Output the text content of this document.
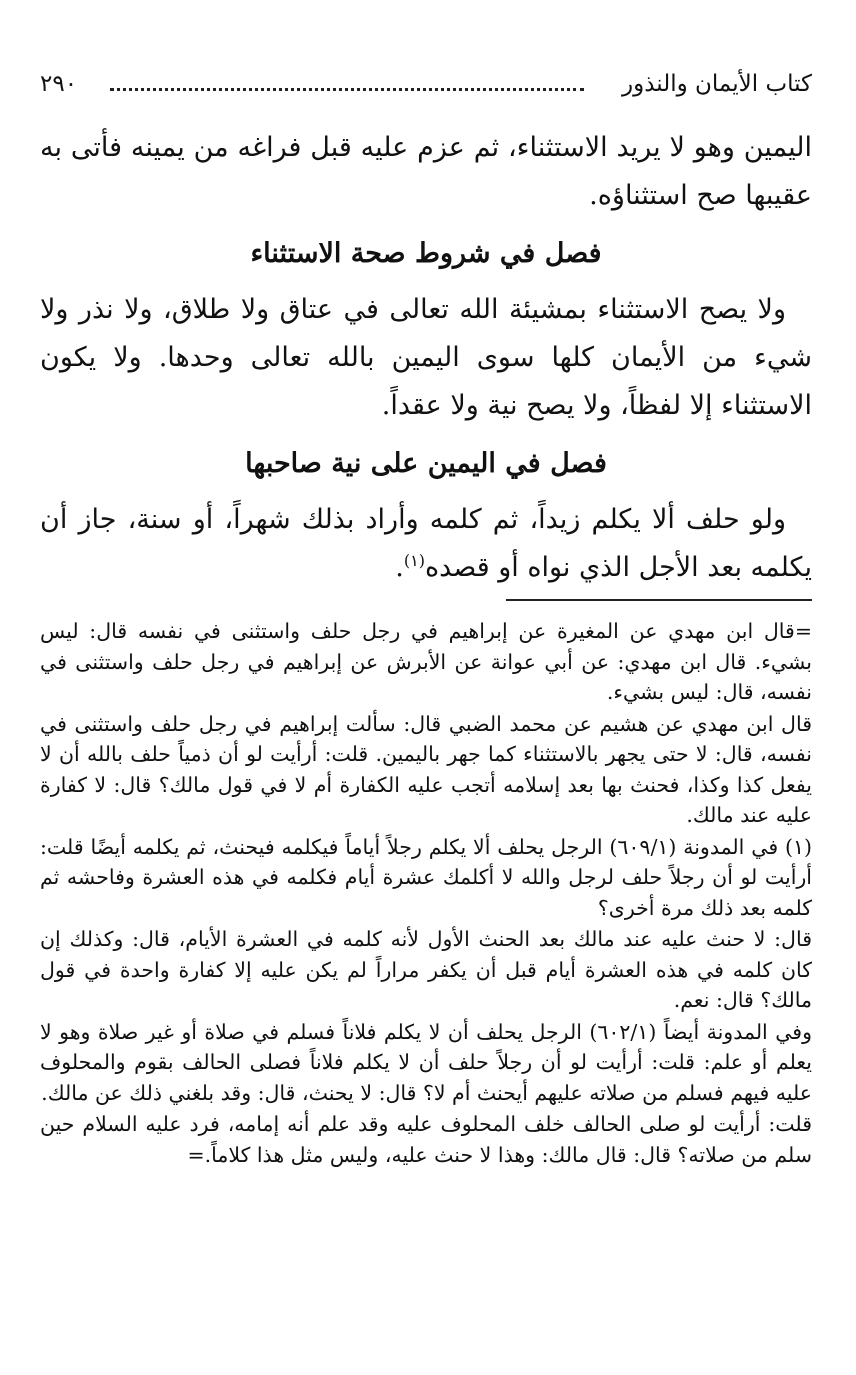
كتاب الأيمان والنذور
٢٩٠

اليمين وهو لا يريد الاستثناء، ثم عزم عليه قبل فراغه من يمينه فأتى به عقيبها صح استثناؤه.

فصل في شروط صحة الاستثناء

ولا يصح الاستثناء بمشيئة الله تعالى في عتاق ولا طلاق، ولا نذر ولا شيء من الأيمان كلها سوى اليمين بالله تعالى وحدها. ولا يكون الاستثناء إلا لفظاً، ولا يصح نية ولا عقداً.

فصل في اليمين على نية صاحبها

ولو حلف ألا يكلم زيداً، ثم كلمه وأراد بذلك شهراً، أو سنة، جاز أن يكلمه بعد الأجل الذي نواه أو قصده$^{(١)}$.

=قال ابن مهدي عن المغيرة عن إبراهيم في رجل حلف واستثنى في نفسه قال: ليس بشيء. قال ابن مهدي: عن أبي عوانة عن الأبرش عن إبراهيم في رجل حلف واستثنى في نفسه، قال: ليس بشيء.

قال ابن مهدي عن هشيم عن محمد الضبي قال: سألت إبراهيم في رجل حلف واستثنى في نفسه، قال: لا حتى يجهر بالاستثناء كما جهر باليمين. قلت: أرأيت لو أن ذمياً حلف بالله أن لا يفعل كذا وكذا، فحنث بها بعد إسلامه أتجب عليه الكفارة أم لا في قول مالك؟ قال: لا كفارة عليه عند مالك.

(١) في المدونة (٦٠٩/١) الرجل يحلف ألا يكلم رجلاً أياماً فيكلمه فيحنث، ثم يكلمه أيضًا قلت: أرأيت لو أن رجلاً حلف لرجل والله لا أكلمك عشرة أيام فكلمه في هذه العشرة وفاحشه ثم كلمه بعد ذلك مرة أخرى؟

قال: لا حنث عليه عند مالك بعد الحنث الأول لأنه كلمه في العشرة الأيام، قال: وكذلك إن كان كلمه في هذه العشرة أيام قبل أن يكفر مراراً لم يكن عليه إلا كفارة واحدة في قول مالك؟ قال: نعم.

وفي المدونة أيضاً (٦٠٢/١) الرجل يحلف أن لا يكلم فلاناً فسلم في صلاة أو غير صلاة وهو لا يعلم أو علم: قلت: أرأيت لو أن رجلاً حلف أن لا يكلم فلاناً فصلى الحالف بقوم والمحلوف عليه فيهم فسلم من صلاته عليهم أيحنث أم لا؟ قال: لا يحنث، قال: وقد بلغني ذلك عن مالك.

قلت: أرأيت لو صلى الحالف خلف المحلوف عليه وقد علم أنه إمامه، فرد عليه السلام حين سلم من صلاته؟ قال: قال مالك: وهذا لا حنث عليه، وليس مثل هذا كلاماً.=
